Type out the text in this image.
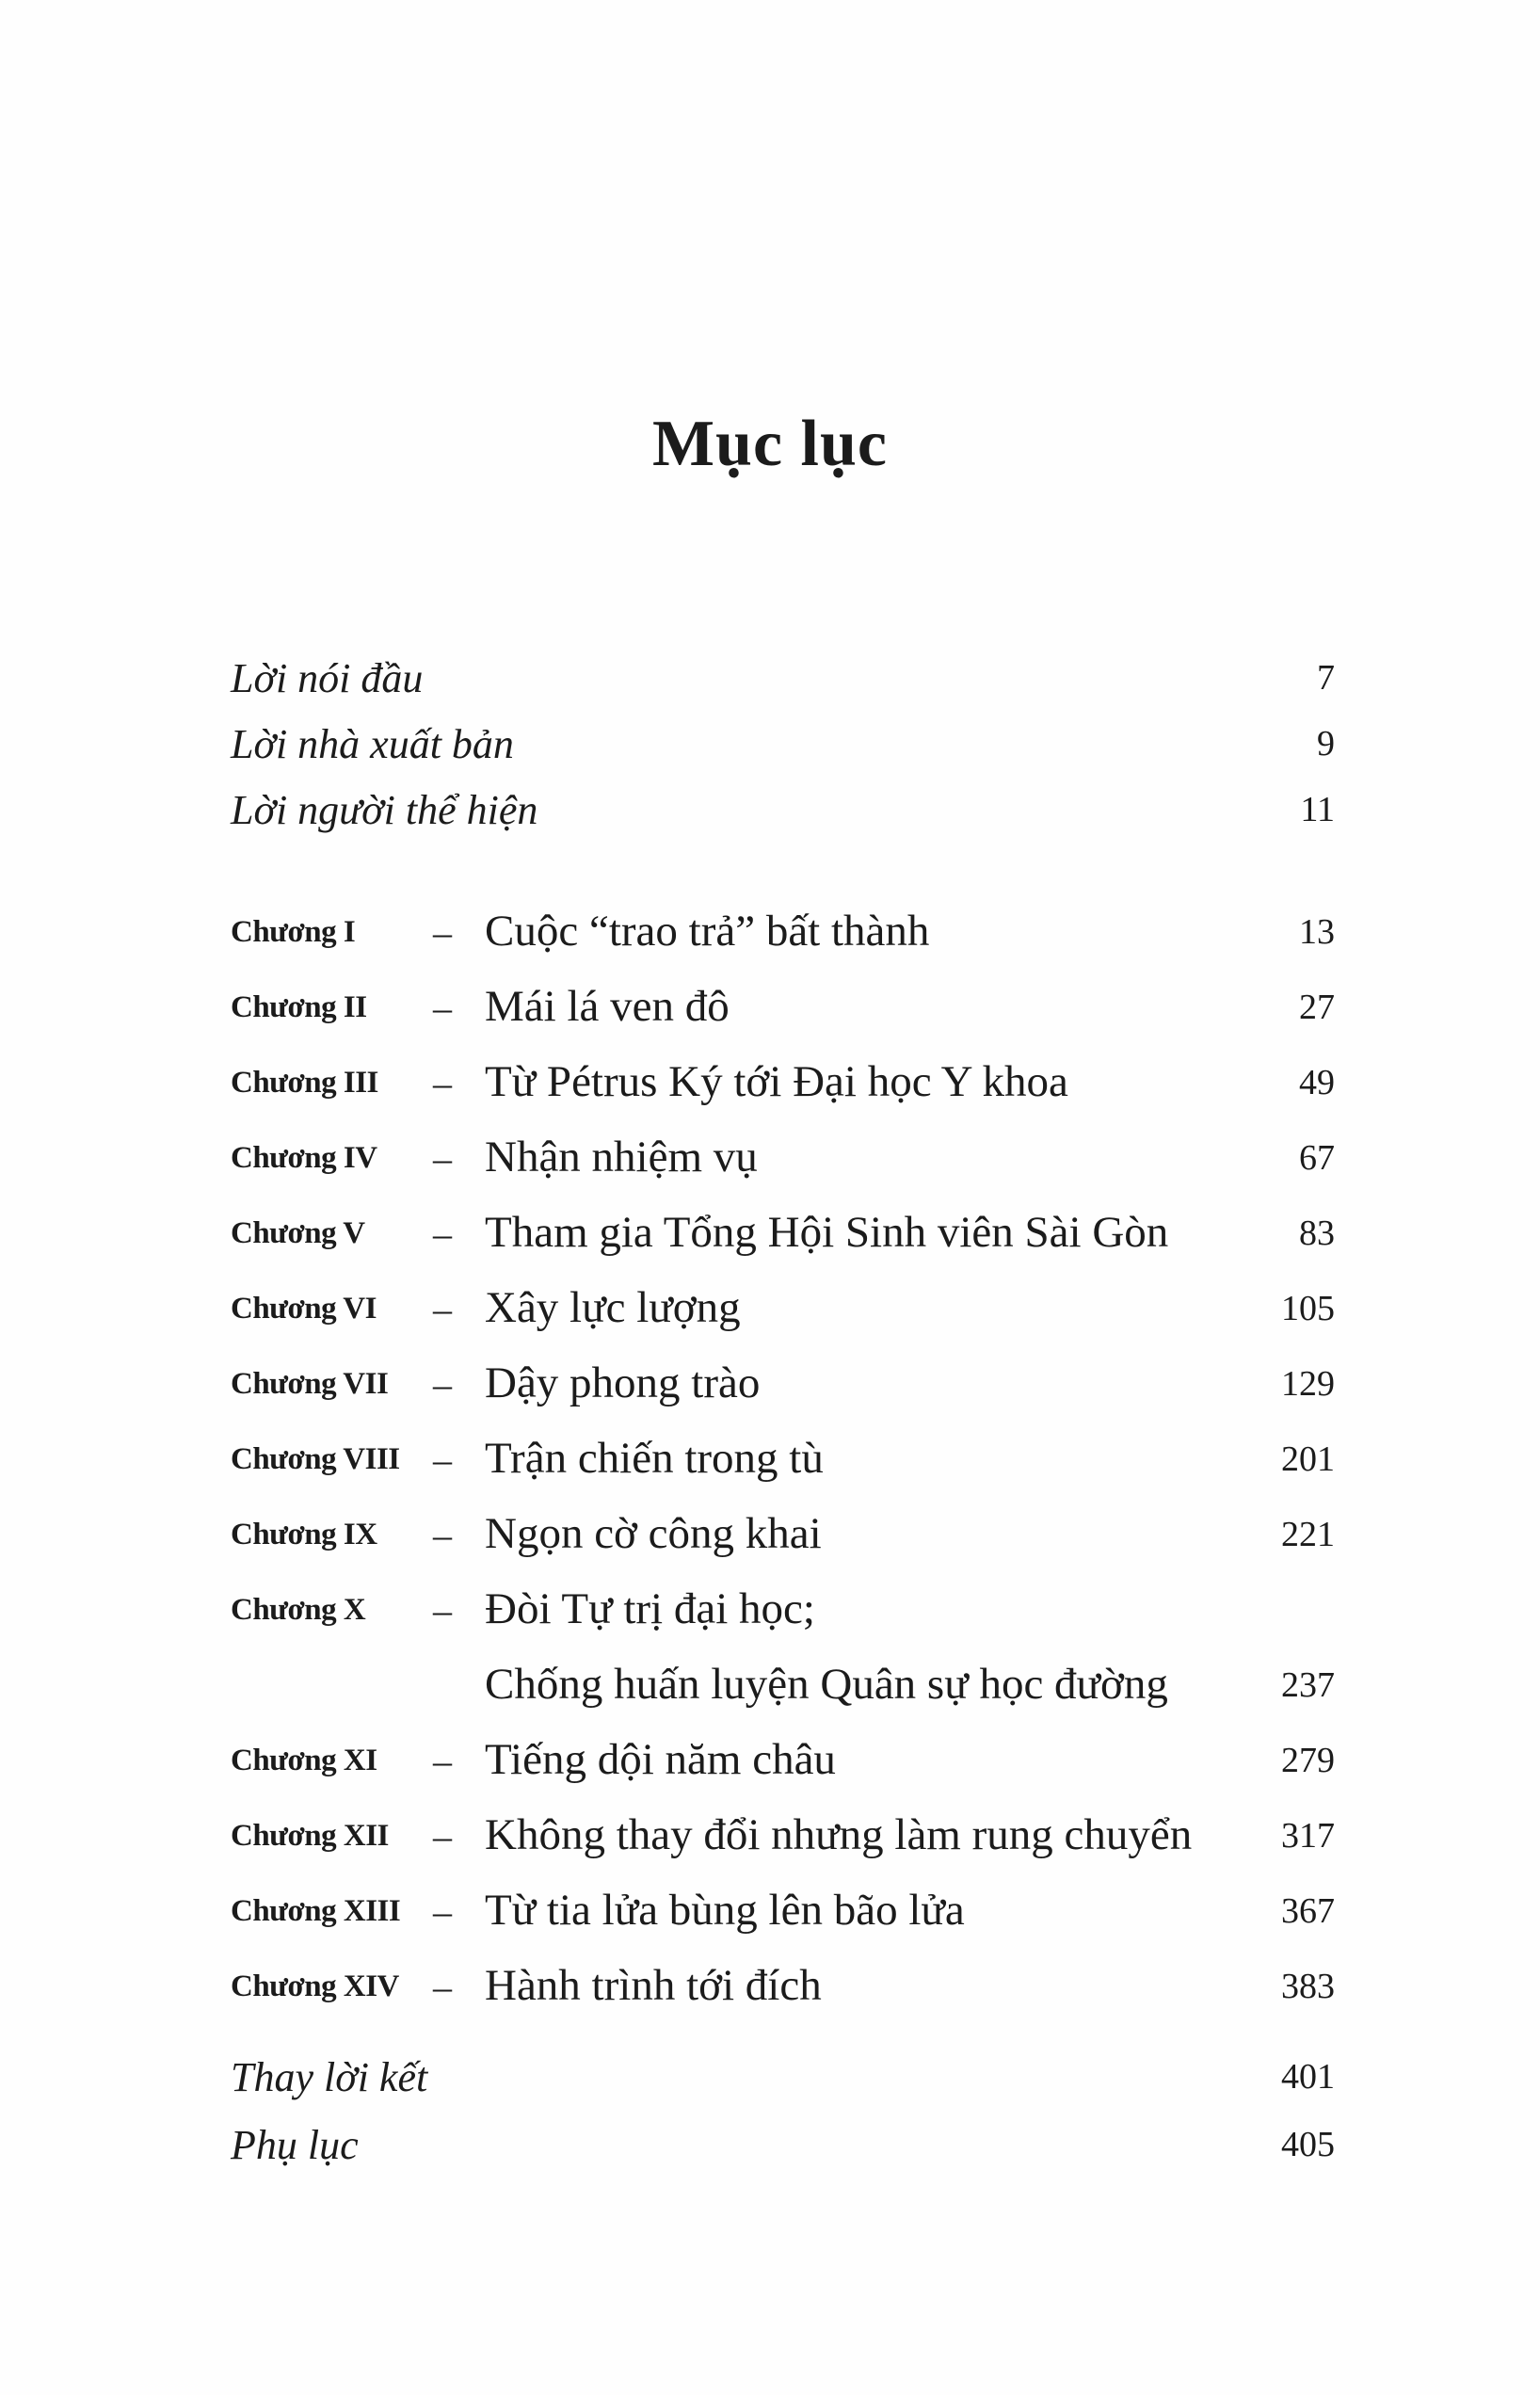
Mục lục
Lời nói đầu	7
Lời nhà xuất bản	9
Lời người thể hiện	11
Chương I	– Cuộc “trao trả” bất thành	13
Chương II	– Mái lá ven đô	27
Chương III	– Từ Pétrus Ký tới Đại học Y khoa	49
Chương IV	– Nhận nhiệm vụ	67
Chương V	– Tham gia Tổng Hội Sinh viên Sài Gòn	83
Chương VI	– Xây lực lượng	105
Chương VII	– Dậy phong trào	129
Chương VIII – Trận chiến trong tù	201
Chương IX	– Ngọn cờ công khai	221
Chương X	– Đòi Tự trị đại học;
Chống huấn luyện Quân sự học đường	237
Chương XI	– Tiếng dội năm châu	279
Chương XII	– Không thay đổi nhưng làm rung chuyển	317
Chương XIII – Từ tia lửa bùng lên bão lửa	367
Chương XIV – Hành trình tới đích	383
Thay lời kết	401
Phụ lục	405
